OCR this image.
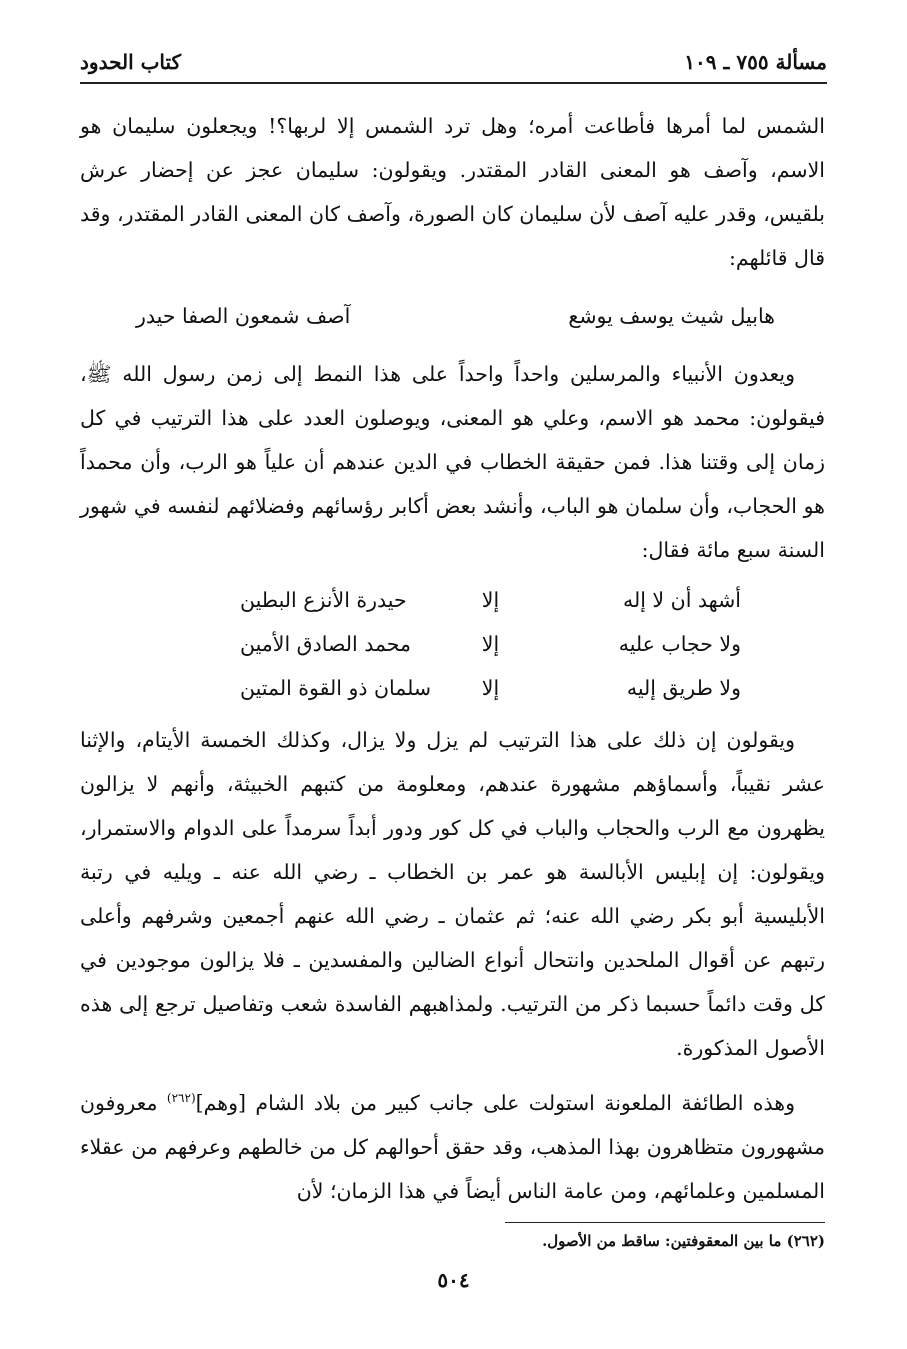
مسألة ٧٥٥ ـ ١٠٩
كتاب الحدود

الشمس لما أمرها فأطاعت أمره؛ وهل ترد الشمس إلا لربها؟! ويجعلون سليمان هو الاسم، وآصف هو المعنى القادر المقتدر. ويقولون: سليمان عجز عن إحضار عرش بلقيس، وقدر عليه آصف لأن سليمان كان الصورة، وآصف كان المعنى القادر المقتدر، وقد قال قائلهم:

هابيل شيث يوسف يوشع
آصف شمعون الصفا حيدر

ويعدون الأنبياء والمرسلين واحداً واحداً على هذا النمط إلى زمن رسول الله ﷺ، فيقولون: محمد هو الاسم، وعلي هو المعنى، ويوصلون العدد على هذا الترتيب في كل زمان إلى وقتنا هذا. فمن حقيقة الخطاب في الدين عندهم أن علياً هو الرب، وأن محمداً هو الحجاب، وأن سلمان هو الباب، وأنشد بعض أكابر رؤسائهم وفضلائهم لنفسه في شهور السنة سبع مائة فقال:

أشهد أن لا إله
إلا
حيدرة الأنزع البطين
ولا حجاب عليه
إلا
محمد الصادق الأمين
ولا طريق إليه
إلا
سلمان ذو القوة المتين

ويقولون إن ذلك على هذا الترتيب لم يزل ولا يزال، وكذلك الخمسة الأيتام، والإثنا عشر نقيباً، وأسماؤهم مشهورة عندهم، ومعلومة من كتبهم الخبيثة، وأنهم لا يزالون يظهرون مع الرب والحجاب والباب في كل كور ودور أبداً سرمداً على الدوام والاستمرار، ويقولون: إن إبليس الأبالسة هو عمر بن الخطاب ـ رضي الله عنه ـ ويليه في رتبة الأبليسية أبو بكر رضي الله عنه؛ ثم عثمان ـ رضي الله عنهم أجمعين وشرفهم وأعلى رتبهم عن أقوال الملحدين وانتحال أنواع الضالين والمفسدين ـ فلا يزالون موجودين في كل وقت دائماً حسبما ذكر من الترتيب. ولمذاهبهم الفاسدة شعب وتفاصيل ترجع إلى هذه الأصول المذكورة.

وهذه الطائفة الملعونة استولت على جانب كبير من بلاد الشام [وهم]$^{(٢٦٢)}$ معروفون مشهورون متظاهرون بهذا المذهب، وقد حقق أحوالهم كل من خالطهم وعرفهم من عقلاء المسلمين وعلمائهم، ومن عامة الناس أيضاً في هذا الزمان؛ لأن

(٢٦٢) ما بين المعقوفتين: ساقط من الأصول.
٥٠٤
